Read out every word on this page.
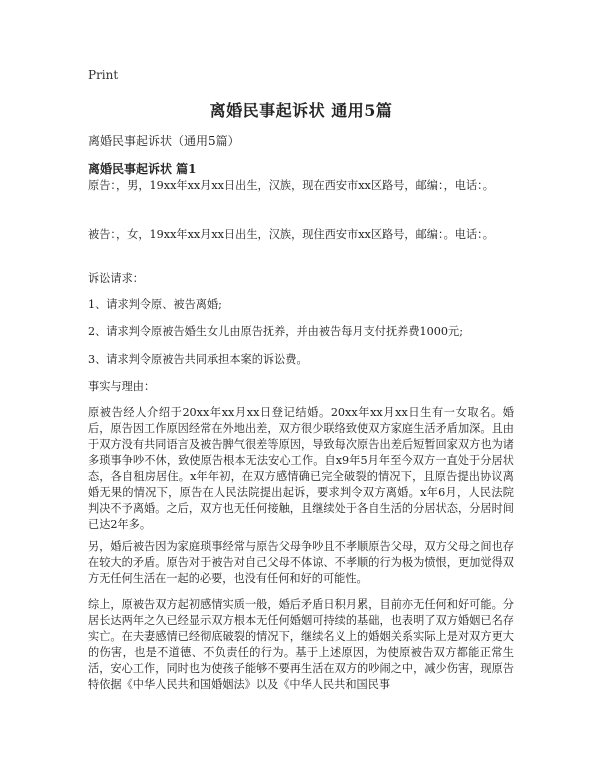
Print
离婚民事起诉状 通用5篇
离婚民事起诉状（通用5篇）
离婚民事起诉状 篇1

原告：，男，19xx年xx月xx日出生，汉族，现在西安市xx区路号，邮编：，电话：。

被告：，女，19xx年xx月xx日出生，汉族，现住西安市xx区路号，邮编：。电话：。

诉讼请求：

1、请求判令原、被告离婚;

2、请求判令原被告婚生女儿由原告抚养，并由被告每月支付抚养费1000元;

3、请求判令原被告共同承担本案的诉讼费。

事实与理由：

原被告经人介绍于20xx年xx月xx日登记结婚。20xx年xx月xx日生有一女取名。婚后，原告因工作原因经常在外地出差，双方很少联络致使双方家庭生活矛盾加深。且由于双方没有共同语言及被告脾气很差等原因，导致每次原告出差后短暂回家双方也为诸多琐事争吵不休，致使原告根本无法安心工作。自x9年5月年至今双方一直处于分居状态，各自租房居住。x年年初，在双方感情确已完全破裂的情况下，且原告提出协议离婚无果的情况下，原告在人民法院提出起诉，要求判令双方离婚。x年6月，人民法院判决不予离婚。之后，双方也无任何接触，且继续处于各自生活的分居状态，分居时间已达2年多。

另，婚后被告因为家庭琐事经常与原告父母争吵且不孝顺原告父母，双方父母之间也存在较大的矛盾。原告对于被告对自己父母不体谅、不孝顺的行为极为愤恨，更加觉得双方无任何生活在一起的必要，也没有任何和好的可能性。

综上，原被告双方起初感情实质一般，婚后矛盾日积月累，目前亦无任何和好可能。分居长达两年之久已经显示双方根本无任何婚姻可持续的基础，也表明了双方婚姻已名存实亡。在夫妻感情已经彻底破裂的情况下，继续名义上的婚姻关系实际上是对双方更大的伤害，也是不道德、不负责任的行为。基于上述原因，为使原被告双方都能正常生活，安心工作，同时也为使孩子能够不要再生活在双方的吵闹之中，减少伤害，现原告特依据《中华人民共和国婚姻法》以及《中华人民共和国民事
